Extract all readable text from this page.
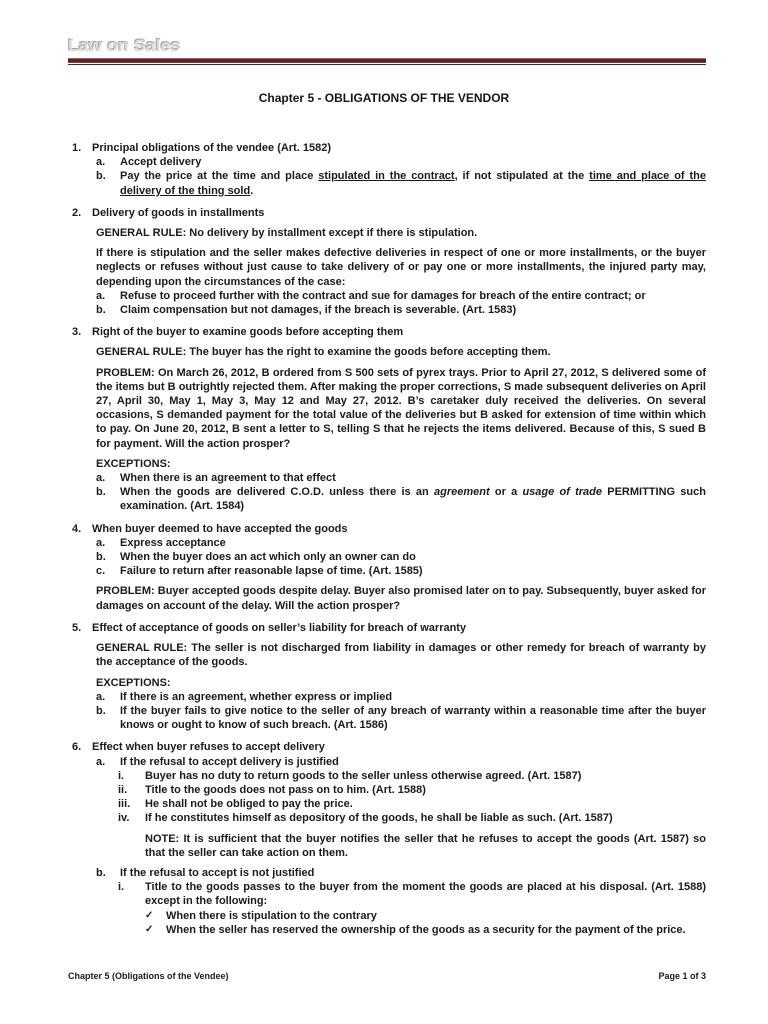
Law on Sales
Chapter 5 - OBLIGATIONS OF THE VENDOR
1. Principal obligations of the vendee (Art. 1582)
a.	Accept delivery
b.	Pay the price at the time and place stipulated in the contract, if not stipulated at the time and place of the delivery of the thing sold.
2. Delivery of goods in installments
GENERAL RULE: No delivery by installment except if there is stipulation.
If there is stipulation and the seller makes defective deliveries in respect of one or more installments, or the buyer neglects or refuses without just cause to take delivery of or pay one or more installments, the injured party may, depending upon the circumstances of the case:
a.	Refuse to proceed further with the contract and sue for damages for breach of the entire contract; or
b.	Claim compensation but not damages, if the breach is severable. (Art. 1583)
3. Right of the buyer to examine goods before accepting them
GENERAL RULE: The buyer has the right to examine the goods before accepting them.
PROBLEM: On March 26, 2012, B ordered from S 500 sets of pyrex trays. Prior to April 27, 2012, S delivered some of the items but B outrightly rejected them. After making the proper corrections, S made subsequent deliveries on April 27, April 30, May 1, May 3, May 12 and May 27, 2012. B’s caretaker duly received the deliveries. On several occasions, S demanded payment for the total value of the deliveries but B asked for extension of time within which to pay. On June 20, 2012, B sent a letter to S, telling S that he rejects the items delivered. Because of this, S sued B for payment. Will the action prosper?
EXCEPTIONS:
a.	When there is an agreement to that effect
b.	When the goods are delivered C.O.D. unless there is an agreement or a usage of trade PERMITTING such examination. (Art. 1584)
4. When buyer deemed to have accepted the goods
a.	Express acceptance
b.	When the buyer does an act which only an owner can do
c.	Failure to return after reasonable lapse of time. (Art. 1585)
PROBLEM: Buyer accepted goods despite delay. Buyer also promised later on to pay. Subsequently, buyer asked for damages on account of the delay. Will the action prosper?
5. Effect of acceptance of goods on seller’s liability for breach of warranty
GENERAL RULE: The seller is not discharged from liability in damages or other remedy for breach of warranty by the acceptance of the goods.
EXCEPTIONS:
a.	If there is an agreement, whether express or implied
b.	If the buyer fails to give notice to the seller of any breach of warranty within a reasonable time after the buyer knows or ought to know of such breach. (Art. 1586)
6. Effect when buyer refuses to accept delivery
a.	If the refusal to accept delivery is justified
i.	Buyer has no duty to return goods to the seller unless otherwise agreed. (Art. 1587)
ii.	Title to the goods does not pass on to him. (Art. 1588)
iii.	He shall not be obliged to pay the price.
iv.	If he constitutes himself as depository of the goods, he shall be liable as such. (Art. 1587)
NOTE: It is sufficient that the buyer notifies the seller that he refuses to accept the goods (Art. 1587) so that the seller can take action on them.
b.	If the refusal to accept is not justified
i.	Title to the goods passes to the buyer from the moment the goods are placed at his disposal. (Art. 1588) except in the following:
✓	When there is stipulation to the contrary
✓	When the seller has reserved the ownership of the goods as a security for the payment of the price.
Chapter 5 (Obligations of the Vendee)	Page 1 of 3
